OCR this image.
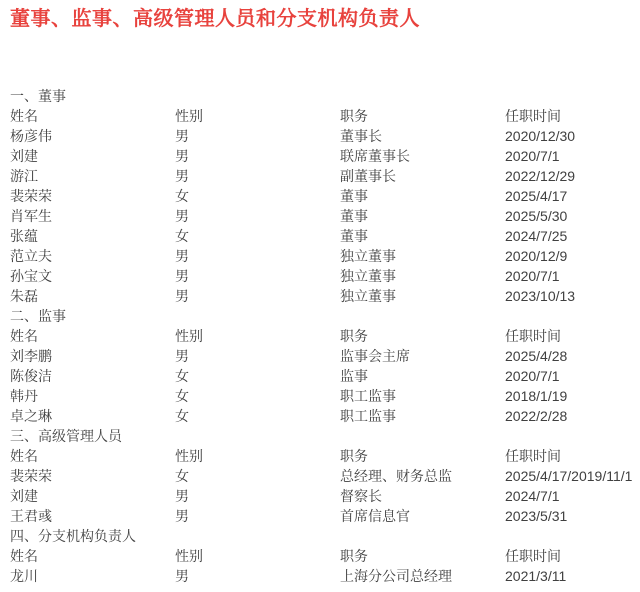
董事、监事、高级管理人员和分支机构负责人
一、董事
姓名	性别	职务	任职时间
杨彦伟	男	董事长	2020/12/30
刘建	男	联席董事长	2020/7/1
游江	男	副董事长	2022/12/29
裴荣荣	女	董事	2025/4/17
肖军生	男	董事	2025/5/30
张蕴	女	董事	2024/7/25
范立夫	男	独立董事	2020/12/9
孙宝文	男	独立董事	2020/7/1
朱磊	男	独立董事	2023/10/13
二、监事
姓名	性别	职务	任职时间
刘李鹏	男	监事会主席	2025/4/28
陈俊洁	女	监事	2020/7/1
韩丹	女	职工监事	2018/1/19
卓之琳	女	职工监事	2022/2/28
三、高级管理人员
姓名	性别	职务	任职时间
裴荣荣	女	总经理、财务总监	2025/4/17/2019/11/1
刘建	男	督察长	2024/7/1
王君彧	男	首席信息官	2023/5/31
四、分支机构负责人
姓名	性别	职务	任职时间
龙川	男	上海分公司总经理	2021/3/11
